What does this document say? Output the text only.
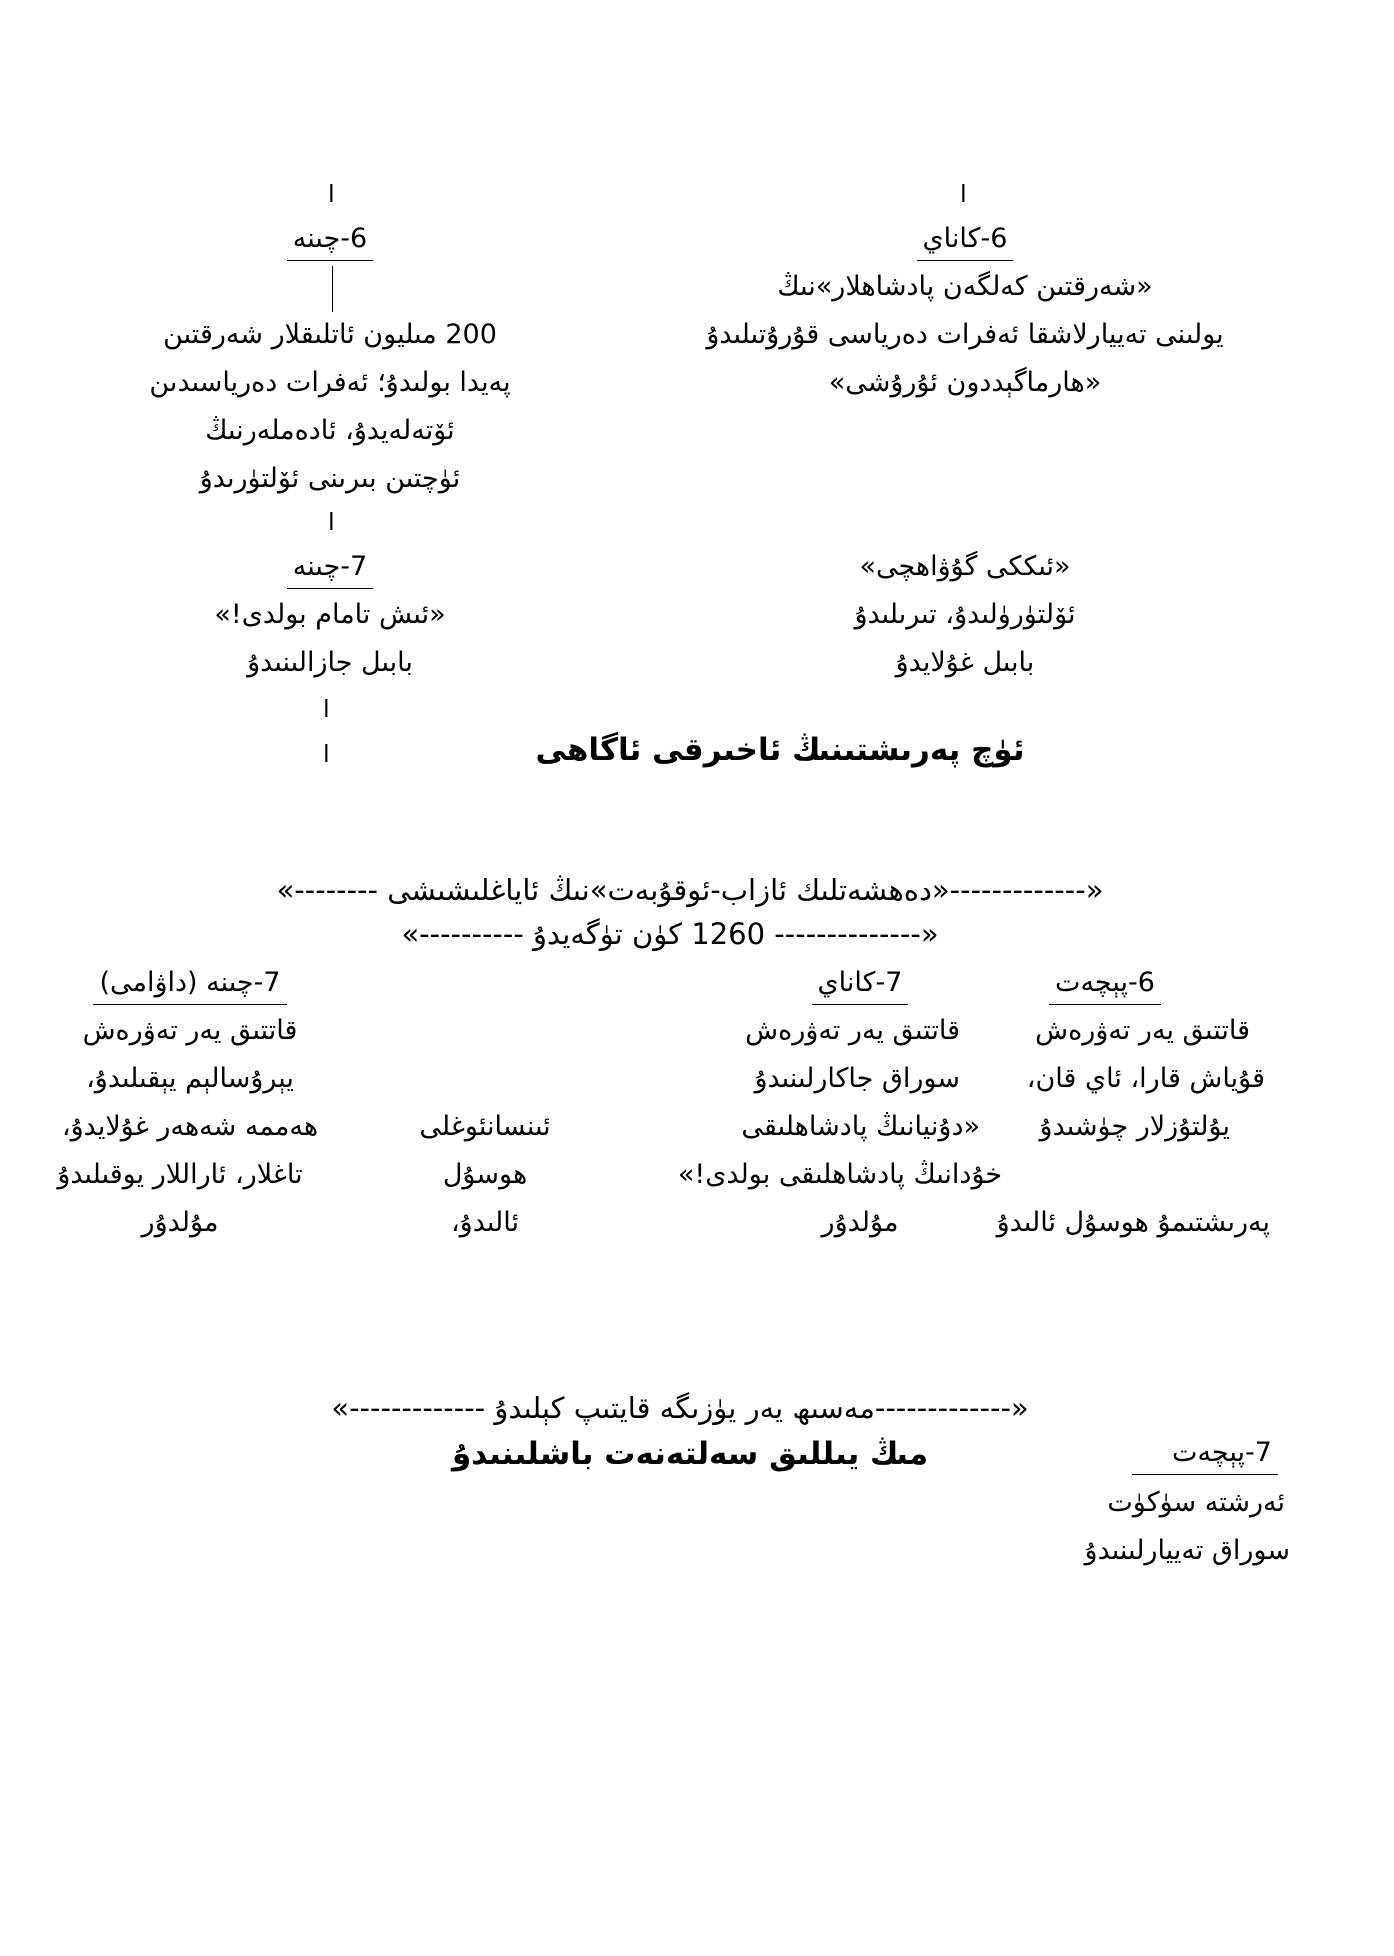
ا	ا
ا
ا
ا
6-كاناي
«شەرقتىن كەلگەن پادشاھلار»نىڭ
يولىنى تەييارلاشقا ئەفرات دەرياسى قۇرۇتىلىدۇ
«ھارماگېددون ئۇرۇشى»
6-چىنە
200 مىليون ئاتلىقلار شەرقتىن
پەيدا بولىدۇ؛ ئەفرات دەرياسىدىن
ئۆتەلەيدۇ، ئادەملەرنىڭ
ئۈچتىن بىرىنى ئۆلتۈرىدۇ
7-چىنە
«ئىش تامام بولدى!»
بابىل جازالىنىدۇ
«ئىككى گۇۋاھچى»
ئۆلتۈرۈلىدۇ، تىرىلىدۇ
بابىل غۇلايدۇ
ئۈچ پەرىشتىنىڭ ئاخىرقى ئاگاھى
«-------------«دەھشەتلىك ئازاب-ئوقۇبەت»نىڭ ئاياغلىشىشى --------»
«-------------- 1260 كۈن تۈگەيدۇ ----------»
6-پېچەت
قاتتىق يەر تەۋرەش
قۇياش قارا، ئاي قان،
يۇلتۇزلار چۈشىدۇ
7-كاناي
قاتتىق يەر تەۋرەش
سوراق جاكارلىنىدۇ
«دۇنيانىڭ پادشاھلىقى
خۇدانىڭ پادشاھلىقى بولدى!»
پەرىشتىمۇ ھوسۇل ئالىدۇ
مۇلدۇر
ئىنسانئوغلى
ھوسۇل
ئالىدۇ،
7-چىنە (داۋامى)
قاتتىق يەر تەۋرەش
يېرۇسالېم يېقىلىدۇ،
ھەممە شەھەر غۇلايدۇ،
تاغلار، ئاراللار يوقىلىدۇ
مۇلدۇر
«-------------مەسىھ يەر يۈزىگە قايتىپ كېلىدۇ -------------»
مىڭ يىللىق سەلتەنەت باشلىنىدۇ	7-پېچەت
ئەرشتە سۈكۈت
سوراق تەييارلىنىدۇ
